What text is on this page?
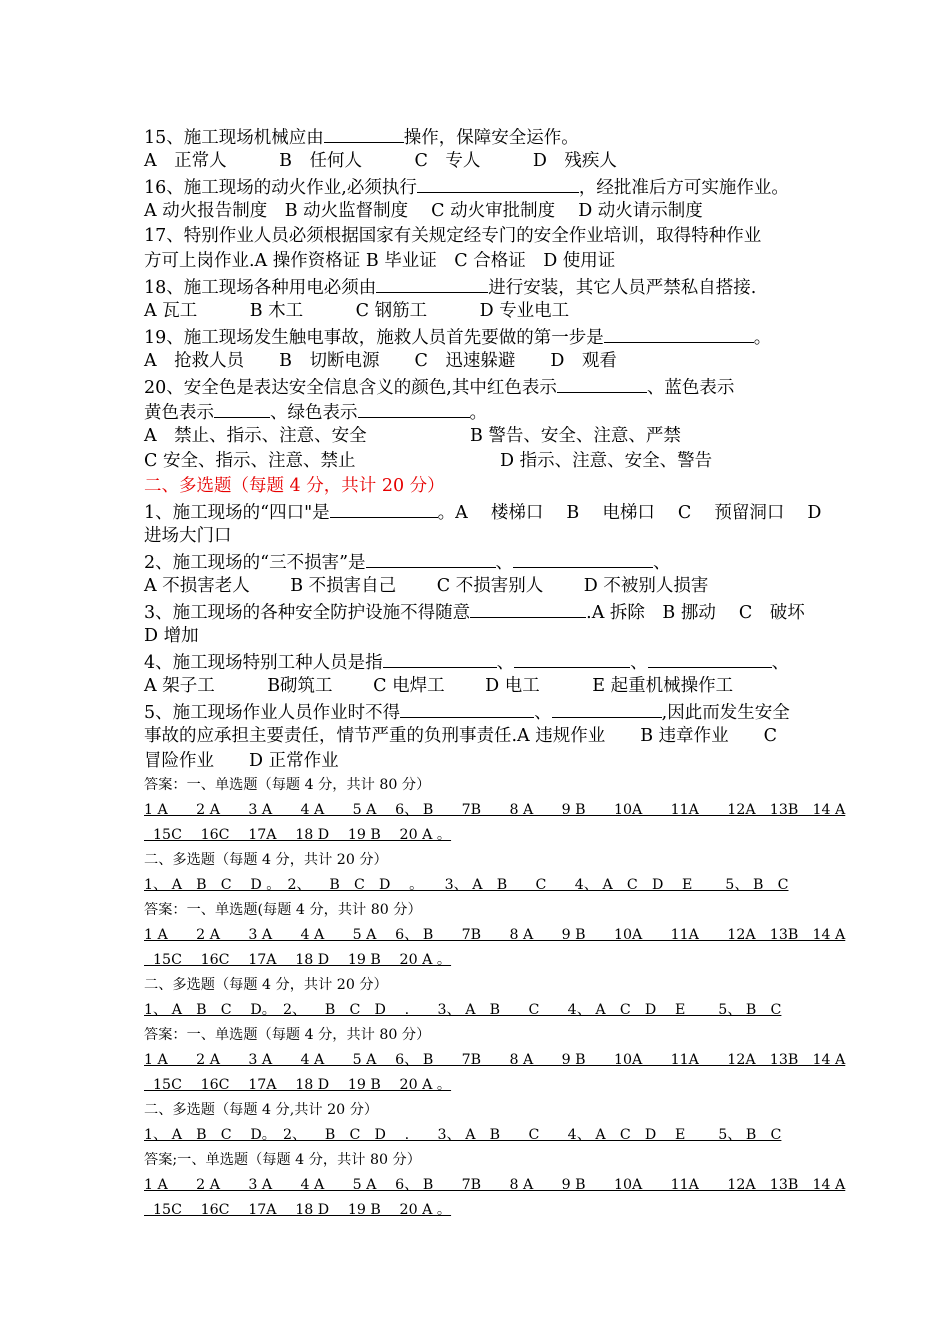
15、施工现场机械应由	操作，保障安全运作。
A　正常人　　　B　任何人　　　C　专人　　　D　残疾人
16、施工现场的动火作业,必须执行	，经批准后方可实施作业。
A 动火报告制度　B 动火监督制度　 C 动火审批制度　 D 动火请示制度
17、特别作业人员必须根据国家有关规定经专门的安全作业培训，取得特种作业
方可上岗作业.A 操作资格证 B 毕业证　C 合格证　D 使用证
18、施工现场各种用电必须由	进行安装，其它人员严禁私自搭接.
A 瓦工　　　B 木工　　　C 钢筋工　　　D 专业电工
19、施工现场发生触电事故，施救人员首先要做的第一步是	。
A　抢救人员　　B　切断电源　　C　迅速躲避　　D　观看
20、安全色是表达安全信息含义的颜色,其中红色表示	、蓝色表示
黄色表示	、绿色表示	。
A　禁止、指示、注意、安全	B 警告、安全、注意、严禁
C 安全、指示、注意、禁止	D 指示、注意、安全、警告
二、多选题（每题 4 分，共计 20 分）
1、施工现场的“四口"是	。A　 楼梯口　 B　 电梯口　 C　 预留洞口　 D
进场大门口
2、施工现场的“三不损害”是	、	、
A 不损害老人　　 B 不损害自己　　 C 不损害别人　　 D 不被别人损害
3、施工现场的各种安全防护设施不得随意	.A 拆除　B 挪动　 C　破坏
D 增加
4、施工现场特别工种人员是指	、	、	、
A 架子工　　　B砌筑工　　 C 电焊工　　 D 电工　　　E 起重机械操作工
5、施工现场作业人员作业时不得	、	,因此而发生安全
事故的应承担主要责任，情节严重的负刑事责任.A 违规作业　　B 违章作业　　C
冒险作业　　D 正常作业
答案：一、单选题（每题 4 分，共计 80 分）
1 A　　2 A　　3 A　　4 A　　5 A　 6、 B　　7B　　8 A　　9 B　　10A　　11A　　12A　13B　14 A
15C　 16C　 17A　 18 D　 19 B　 20 A 。
二、多选题（每题 4 分，共计 20 分）
1、 A　B　C　 D 。　2、 　B　C　D 　。　　3、 A　B　　C　　4、 A　C　D　 E　　 5、 B　C
答案：一、单选题(每题 4 分，共计 80 分）
1 A　　2 A　　3 A　　4 A　　5 A　 6、 B　　7B　　8 A　　9 B　　10A　　11A　　12A　13B　14 A
15C　 16C　 17A　 18 D　 19 B　 20 A 。
二、多选题（每题 4 分，共计 20 分）
1、 A　B　C　 D。　2、 　B　C　D 　.　　3、 A　B　　C　　4、 A　C　D　 E　　 5、 B　C
答案：一、单选题（每题 4 分，共计 80 分）
1 A　　2 A　　3 A　　4 A　　5 A　 6、 B　　7B　　8 A　　9 B　　10A　　11A　　12A　13B　14 A
15C　 16C　 17A　 18 D　 19 B　 20 A 。
二、多选题（每题 4 分,共计 20 分）
1、 A　B　C　 D。　2、 　B　C　D 　.　　3、 A　B　　C　　4、 A　C　D　 E　　 5、 B　C
答案;一、单选题（每题 4 分，共计 80 分）
1 A　　2 A　　3 A　　4 A　　5 A　 6、 B　　7B　　8 A　　9 B　　10A　　11A　　12A　13B　14 A
15C　 16C　 17A　 18 D　 19 B　 20 A 。
